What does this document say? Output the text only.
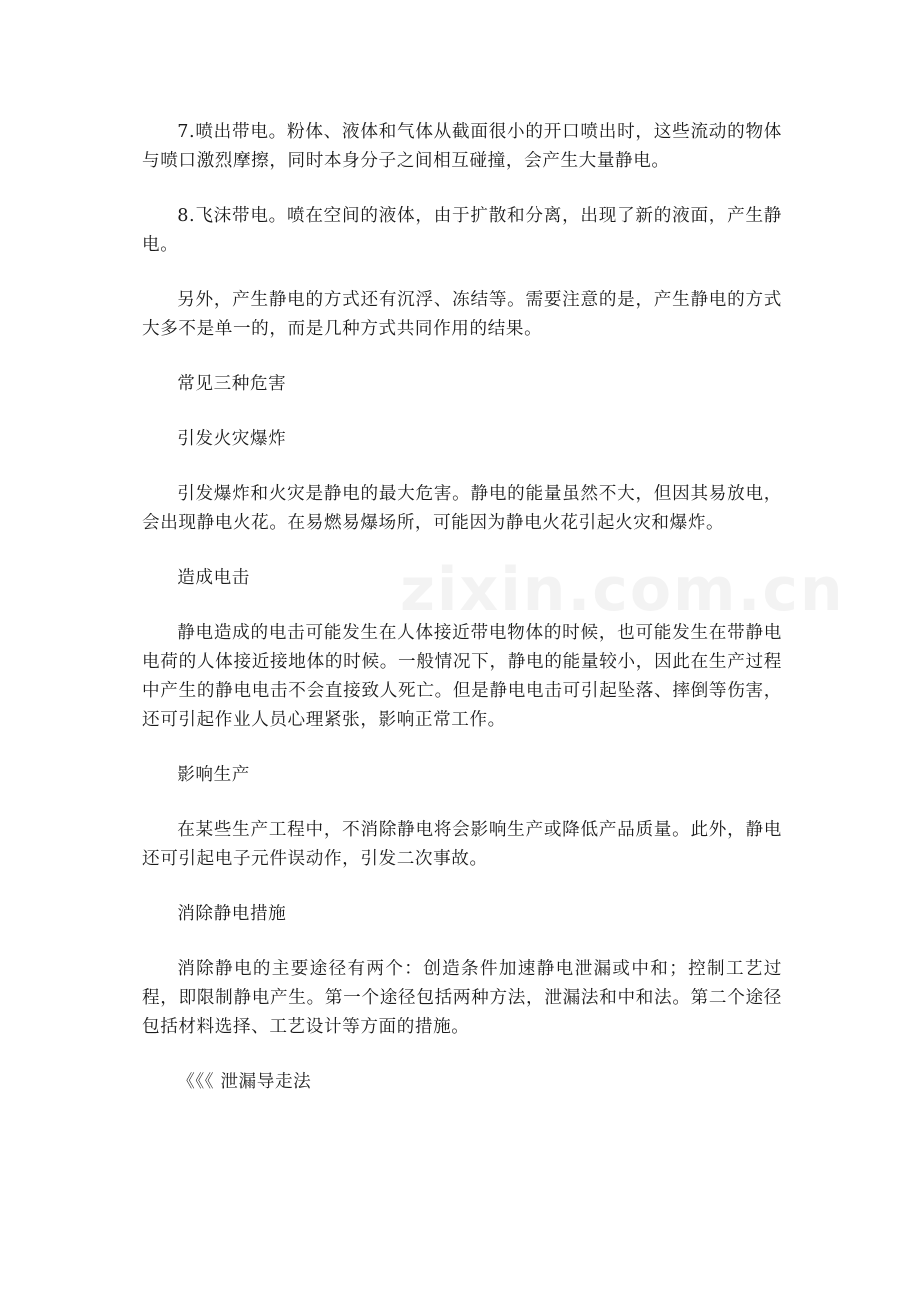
zixin.com.cn

7.喷出带电。粉体、液体和气体从截面很小的开口喷出时，这些流动的物体与喷口激烈摩擦，同时本身分子之间相互碰撞，会产生大量静电。

8.飞沫带电。喷在空间的液体，由于扩散和分离，出现了新的液面，产生静电。

另外，产生静电的方式还有沉浮、冻结等。需要注意的是，产生静电的方式大多不是单一的，而是几种方式共同作用的结果。

常见三种危害

引发火灾爆炸

引发爆炸和火灾是静电的最大危害。静电的能量虽然不大，但因其易放电，会出现静电火花。在易燃易爆场所，可能因为静电火花引起火灾和爆炸。

造成电击

静电造成的电击可能发生在人体接近带电物体的时候，也可能发生在带静电电荷的人体接近接地体的时候。一般情况下，静电的能量较小，因此在生产过程中产生的静电电击不会直接致人死亡。但是静电电击可引起坠落、摔倒等伤害，还可引起作业人员心理紧张，影响正常工作。

影响生产

在某些生产工程中，不消除静电将会影响生产或降低产品质量。此外，静电还可引起电子元件误动作，引发二次事故。

消除静电措施

消除静电的主要途径有两个：创造条件加速静电泄漏或中和；控制工艺过程，即限制静电产生。第一个途径包括两种方法，泄漏法和中和法。第二个途径包括材料选择、工艺设计等方面的措施。

《《《 泄漏导走法
